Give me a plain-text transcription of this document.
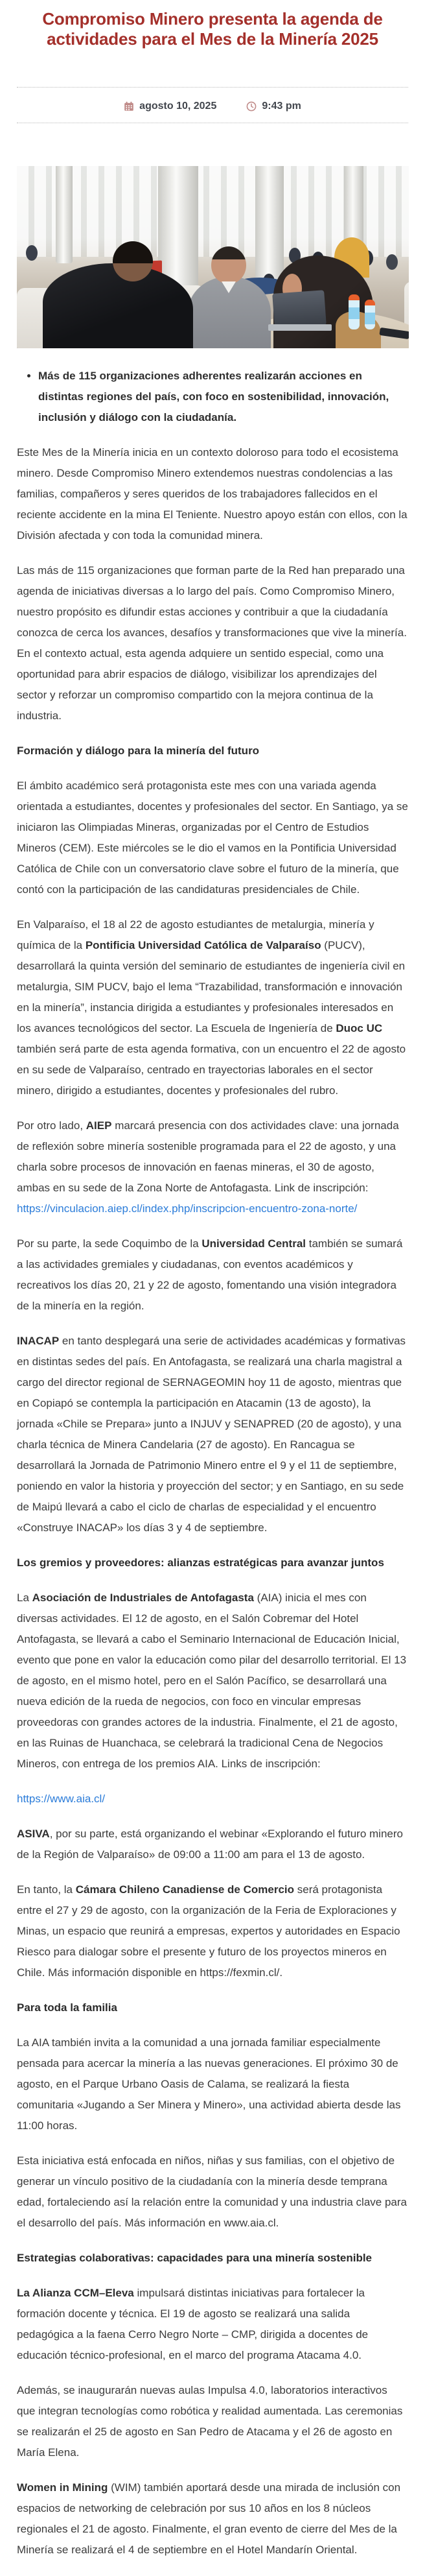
Compromiso Minero presenta la agenda de actividades para el Mes de la Minería 2025
agosto 10, 2025	9:43 pm
• Más de 115 organizaciones adherentes realizarán acciones en distintas regiones del país, con foco en sostenibilidad, innovación, inclusión y diálogo con la ciudadanía.

Este Mes de la Minería inicia en un contexto doloroso para todo el ecosistema minero. Desde Compromiso Minero extendemos nuestras condolencias a las familias, compañeros y seres queridos de los trabajadores fallecidos en el reciente accidente en la mina El Teniente. Nuestro apoyo están con ellos, con la División afectada y con toda la comunidad minera.

Las más de 115 organizaciones que forman parte de la Red han preparado una agenda de iniciativas diversas a lo largo del país. Como Compromiso Minero, nuestro propósito es difundir estas acciones y contribuir a que la ciudadanía conozca de cerca los avances, desafíos y transformaciones que vive la minería. En el contexto actual, esta agenda adquiere un sentido especial, como una oportunidad para abrir espacios de diálogo, visibilizar los aprendizajes del sector y reforzar un compromiso compartido con la mejora continua de la industria.

Formación y diálogo para la minería del futuro

El ámbito académico será protagonista este mes con una variada agenda orientada a estudiantes, docentes y profesionales del sector. En Santiago, ya se iniciaron las Olimpiadas Mineras, organizadas por el Centro de Estudios Mineros (CEM). Este miércoles se le dio el vamos en la Pontificia Universidad Católica de Chile con un conversatorio clave sobre el futuro de la minería, que contó con la participación de las candidaturas presidenciales de Chile.

En Valparaíso, el 18 al 22 de agosto estudiantes de metalurgia, minería y química de la Pontificia Universidad Católica de Valparaíso (PUCV), desarrollará la quinta versión del seminario de estudiantes de ingeniería civil en metalurgia, SIM PUCV, bajo el lema “Trazabilidad, transformación e innovación en la minería”, instancia dirigida a estudiantes y profesionales interesados en los avances tecnológicos del sector. La Escuela de Ingeniería de Duoc UC también será parte de esta agenda formativa, con un encuentro el 22 de agosto en su sede de Valparaíso, centrado en trayectorias laborales en el sector minero, dirigido a estudiantes, docentes y profesionales del rubro.

Por otro lado, AIEP marcará presencia con dos actividades clave: una jornada de reflexión sobre minería sostenible programada para el 22 de agosto, y una charla sobre procesos de innovación en faenas mineras, el 30 de agosto, ambas en su sede de la Zona Norte de Antofagasta. Link de inscripción: https://vinculacion.aiep.cl/index.php/inscripcion-encuentro-zona-norte/

Por su parte, la sede Coquimbo de la Universidad Central también se sumará a las actividades gremiales y ciudadanas, con eventos académicos y recreativos los días 20, 21 y 22 de agosto, fomentando una visión integradora de la minería en la región.

INACAP en tanto desplegará una serie de actividades académicas y formativas en distintas sedes del país. En Antofagasta, se realizará una charla magistral a cargo del director regional de SERNAGEOMIN hoy 11 de agosto, mientras que en Copiapó se contempla la participación en Atacamin (13 de agosto), la jornada «Chile se Prepara» junto a INJUV y SENAPRED (20 de agosto), y una charla técnica de Minera Candelaria (27 de agosto). En Rancagua se desarrollará la Jornada de Patrimonio Minero entre el 9 y el 11 de septiembre, poniendo en valor la historia y proyección del sector; y en Santiago, en su sede de Maipú llevará a cabo el ciclo de charlas de especialidad y el encuentro «Construye INACAP» los días 3 y 4 de septiembre.

Los gremios y proveedores: alianzas estratégicas para avanzar juntos

La Asociación de Industriales de Antofagasta (AIA) inicia el mes con diversas actividades. El 12 de agosto, en el Salón Cobremar del Hotel Antofagasta, se llevará a cabo el Seminario Internacional de Educación Inicial, evento que pone en valor la educación como pilar del desarrollo territorial. El 13 de agosto, en el mismo hotel, pero en el Salón Pacífico, se desarrollará una nueva edición de la rueda de negocios, con foco en vincular empresas proveedoras con grandes actores de la industria. Finalmente, el 21 de agosto, en las Ruinas de Huanchaca, se celebrará la tradicional Cena de Negocios Mineros, con entrega de los premios AIA. Links de inscripción:

https://www.aia.cl/

ASIVA, por su parte, está organizando el webinar «Explorando el futuro minero de la Región de Valparaíso» de 09:00 a 11:00 am para el 13 de agosto.

En tanto, la Cámara Chileno Canadiense de Comercio será protagonista entre el 27 y 29 de agosto, con la organización de la Feria de Exploraciones y Minas, un espacio que reunirá a empresas, expertos y autoridades en Espacio Riesco para dialogar sobre el presente y futuro de los proyectos mineros en Chile. Más información disponible en https://fexmin.cl/.

Para toda la familia

La AIA también invita a la comunidad a una jornada familiar especialmente pensada para acercar la minería a las nuevas generaciones. El próximo 30 de agosto, en el Parque Urbano Oasis de Calama, se realizará la fiesta comunitaria «Jugando a Ser Minera y Minero», una actividad abierta desde las 11:00 horas.

Esta iniciativa está enfocada en niños, niñas y sus familias, con el objetivo de generar un vínculo positivo de la ciudadanía con la minería desde temprana edad, fortaleciendo así la relación entre la comunidad y una industria clave para el desarrollo del país. Más información en www.aia.cl.

Estrategias colaborativas: capacidades para una minería sostenible

La Alianza CCM–Eleva impulsará distintas iniciativas para fortalecer la formación docente y técnica. El 19 de agosto se realizará una salida pedagógica a la faena Cerro Negro Norte – CMP, dirigida a docentes de educación técnico-profesional, en el marco del programa Atacama 4.0.

Además, se inaugurarán nuevas aulas Impulsa 4.0, laboratorios interactivos que integran tecnologías como robótica y realidad aumentada. Las ceremonias se realizarán el 25 de agosto en San Pedro de Atacama y el 26 de agosto en María Elena.

Women in Mining (WIM) también aportará desde una mirada de inclusión con espacios de networking de celebración por sus 10 años en los 8 núcleos regionales el 21 de agosto. Finalmente, el gran evento de cierre del Mes de la Minería se realizará el 4 de septiembre en el Hotel Mandarín Oriental.
